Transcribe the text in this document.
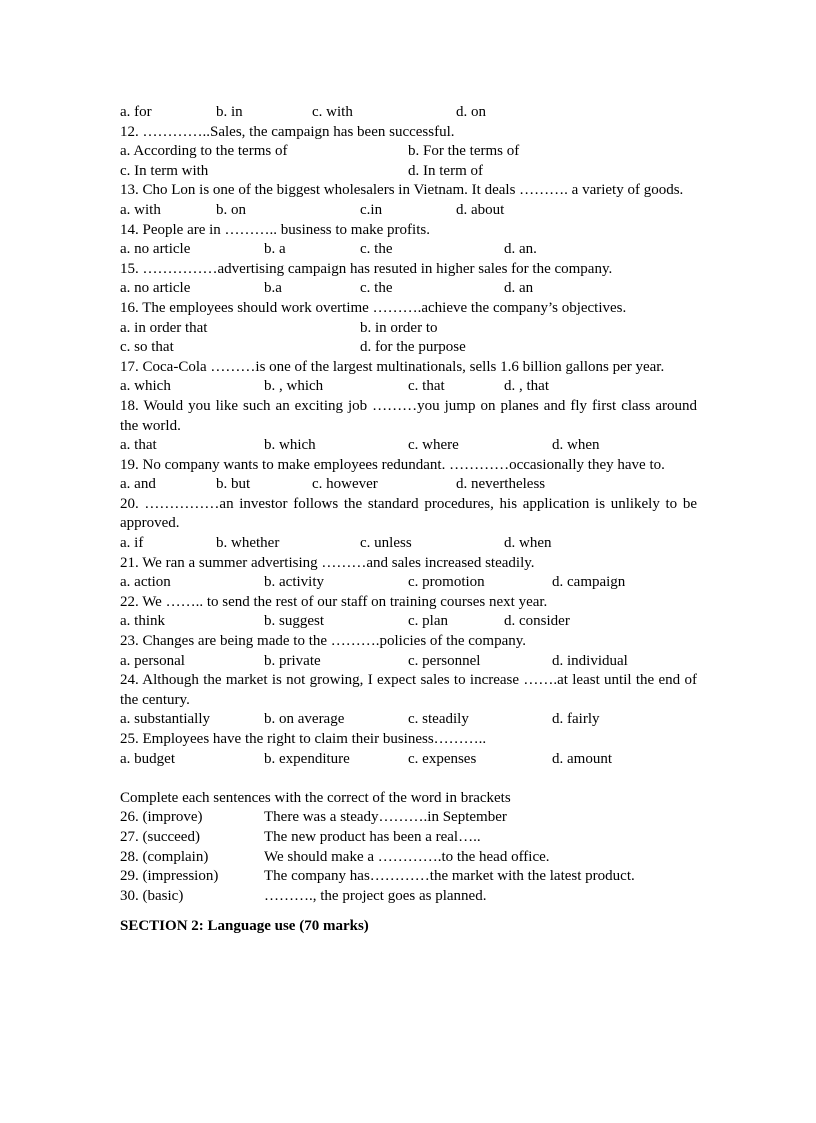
a. for	b. in	c. with	d. on
12. …………..Sales, the campaign has been successful.
a. According to the terms of	b. For the terms of
c. In term with	d. In term of
13. Cho Lon is one of the biggest wholesalers in Vietnam. It deals ………. a variety of goods.
a. with	b. on	c.in	d. about
14. People are in ……….. business to make profits.
a. no article	b. a	c. the	d. an.
15. ……………advertising campaign has resuted in higher sales for the company.
a. no article	b.a	c. the	d. an
16. The employees should work overtime ……….achieve the company’s objectives.
a. in order that	b. in order to
c. so that	d. for the purpose
17. Coca-Cola ………is one of the largest multinationals, sells 1.6 billion gallons per year.
a. which	b. , which	c. that	d. , that
18. Would you like such an exciting job ………you jump on planes and fly first class around the world.
a. that	b. which	c. where	d. when
19. No company wants to make employees redundant. …………occasionally they have to.
a. and	b. but	c. however	d. nevertheless
20. ……………an investor follows the standard procedures, his application is unlikely to be approved.
a. if	b. whether	c. unless	d. when
21. We ran a summer advertising ………and sales increased steadily.
a. action	b. activity	c. promotion	d. campaign
22. We …….. to send the rest of our staff on training courses next year.
a. think	b. suggest	c. plan	d. consider
23. Changes are being made to the ……….policies of the company.
a. personal	b. private	c. personnel	d. individual
24. Although the market is not growing, I expect sales to increase …….at least until the end of the century.
a. substantially	b. on average	c. steadily	d. fairly
25. Employees have the right to claim their business………..
a. budget	b. expenditure	c. expenses	d. amount
Complete each sentences with the correct of the word in brackets
26. (improve)	There was a steady……….in September
27. (succeed)	The new product has been a real…..
28. (complain)	We should make a ………….to the head office.
29. (impression)	The company has…………the market with the latest product.
30. (basic)	………., the project goes as planned.
SECTION 2: Language use (70 marks)
